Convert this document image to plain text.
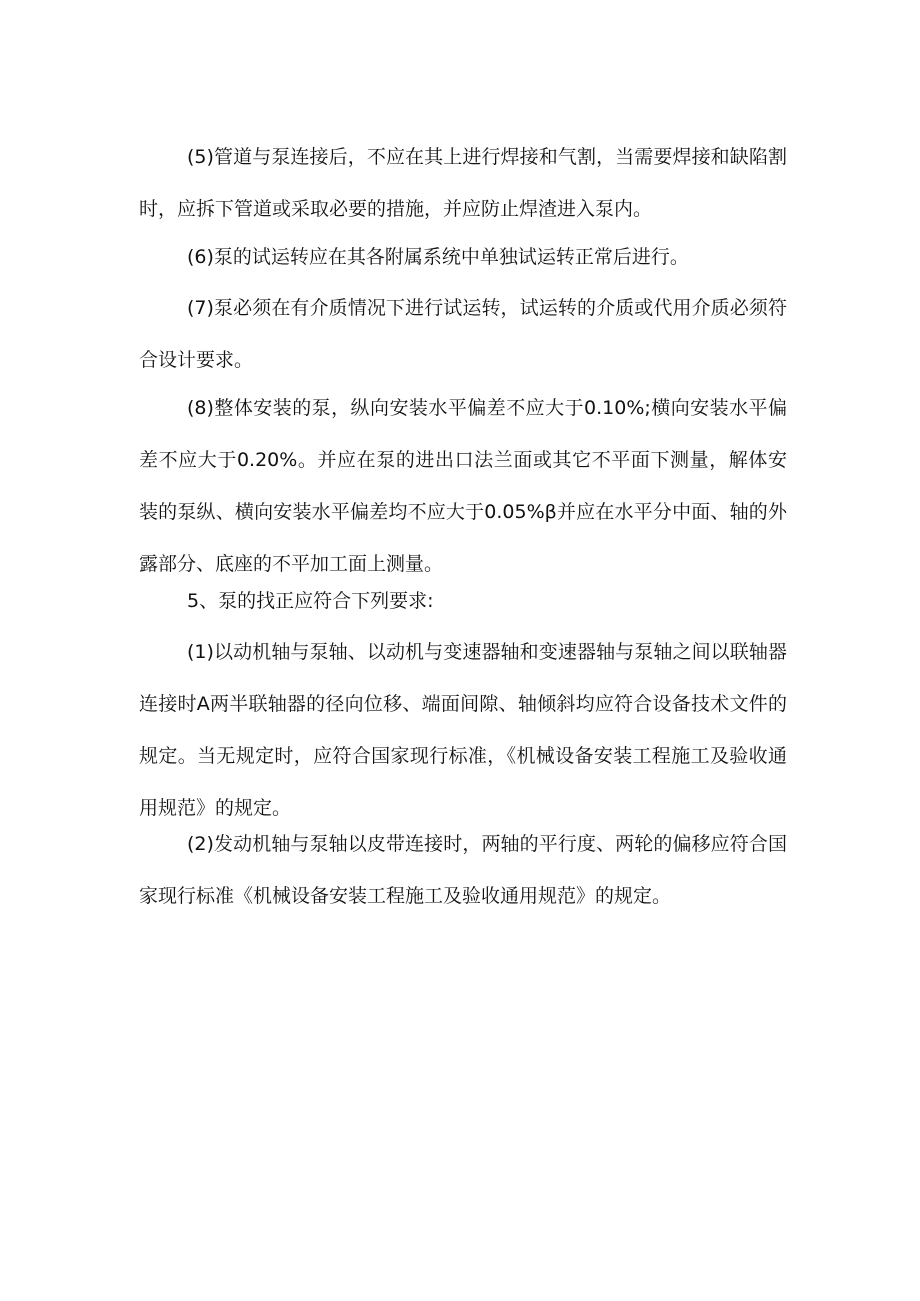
(5)管道与泵连接后，不应在其上进行焊接和气割，当需要焊接和缺陷割时，应拆下管道或采取必要的措施，并应防止焊渣进入泵内。

(6)泵的试运转应在其各附属系统中单独试运转正常后进行。

(7)泵必须在有介质情况下进行试运转，试运转的介质或代用介质必须符合设计要求。

(8)整体安装的泵，纵向安装水平偏差不应大于0.10%;横向安装水平偏差不应大于0.20%。并应在泵的进出口法兰面或其它不平面下测量，解体安装的泵纵、横向安装水平偏差均不应大于0.05%β并应在水平分中面、轴的外露部分、底座的不平加工面上测量。

5、泵的找正应符合下列要求:

(1)以动机轴与泵轴、以动机与变速器轴和变速器轴与泵轴之间以联轴器连接时A两半联轴器的径向位移、端面间隙、轴倾斜均应符合设备技术文件的规定。当无规定时，应符合国家现行标准，《机械设备安装工程施工及验收通用规范》的规定。

(2)发动机轴与泵轴以皮带连接时，两轴的平行度、两轮的偏移应符合国家现行标准《机械设备安装工程施工及验收通用规范》的规定。
